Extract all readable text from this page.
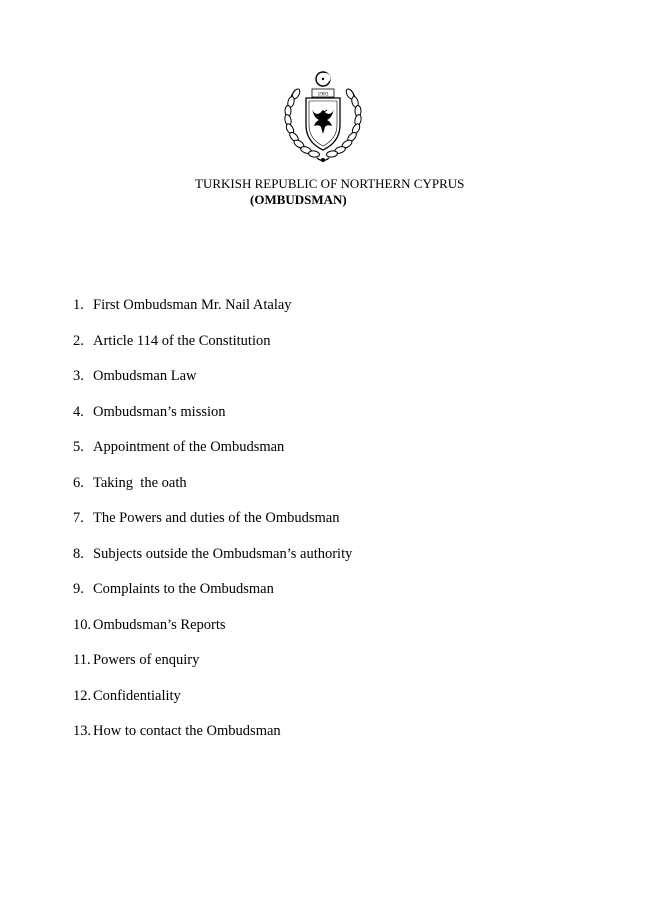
1983
TURKISH REPUBLIC OF NORTHERN CYPRUS
(OMBUDSMAN)
1. First Ombudsman Mr. Nail Atalay
2. Article 114 of the Constitution
3. Ombudsman Law
4. Ombudsman’s mission
5. Appointment of the Ombudsman
6. Taking  the oath
7. The Powers and duties of the Ombudsman
8. Subjects outside the Ombudsman’s authority
9. Complaints to the Ombudsman
10. Ombudsman’s Reports
11. Powers of enquiry
12. Confidentiality
13. How to contact the Ombudsman
